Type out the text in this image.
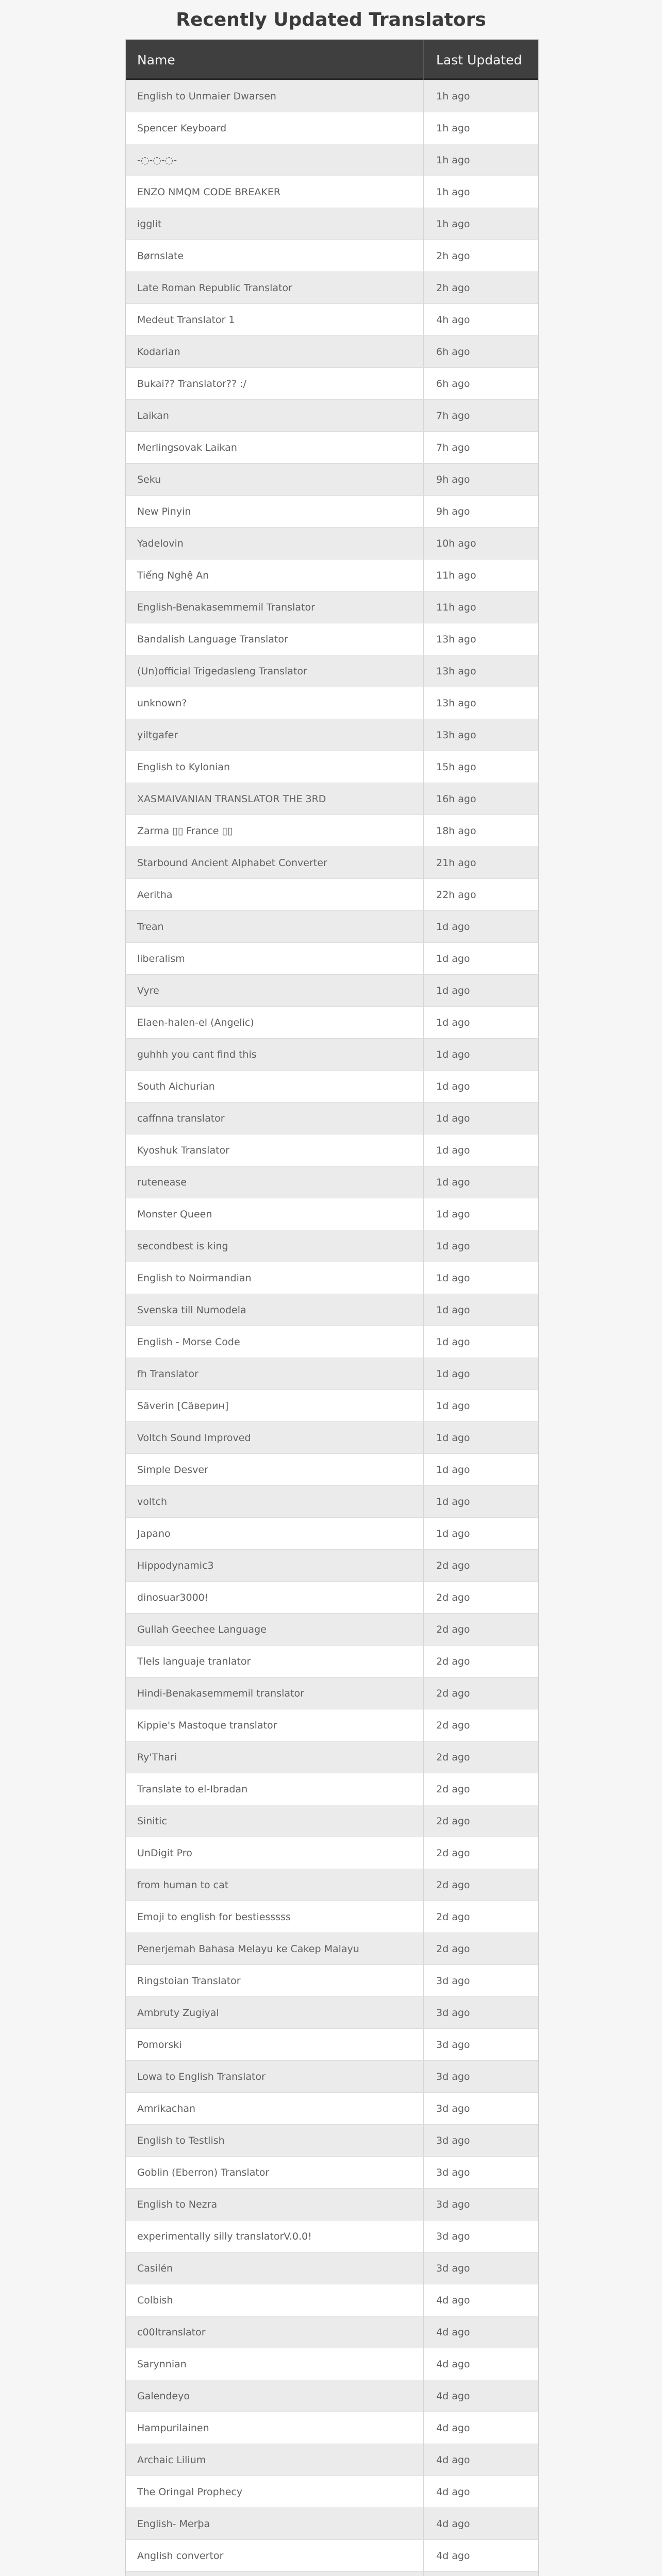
Recently Updated Translators
Name	Last Updated
English to Unmaier Dwarsen	1h ago
Spencer Keyboard	1h ago
-◌-◌-◌-	1h ago
ENZO NMQM CODE BREAKER	1h ago
igglit	1h ago
Børnslate	2h ago
Late Roman Republic Translator	2h ago
Medeut Translator 1	4h ago
Kodarian	6h ago
Bukai?? Translator?? :/	6h ago
Laikan	7h ago
Merlingsovak Laikan	7h ago
Seku	9h ago
New Pinyin	9h ago
Yadelovin	10h ago
Tiếng Nghệ An	11h ago
English-Benakasemmemil Translator	11h ago
Bandalish Language Translator	13h ago
(Un)official Trigedasleng Translator	13h ago
unknown?	13h ago
yiltgafer	13h ago
English to Kylonian	15h ago
XASMAIVANIAN TRANSLATOR THE 3RD	16h ago
Zarma ▯▯ France ▯▯	18h ago
Starbound Ancient Alphabet Converter	21h ago
Aeritha	22h ago
Trean	1d ago
liberalism	1d ago
Vyre	1d ago
Elaen-halen-el (Angelic)	1d ago
guhhh you cant find this	1d ago
South Aichurian	1d ago
caffnna translator	1d ago
Kyoshuk Translator	1d ago
rutenease	1d ago
Monster Queen	1d ago
secondbest is king	1d ago
English to Noirmandian	1d ago
Svenska till Numodela	1d ago
English - Morse Code	1d ago
fh Translator	1d ago
Säverin [Сäверин]	1d ago
Voltch Sound Improved	1d ago
Simple Desver	1d ago
voltch	1d ago
Japano	1d ago
Hippodynamic3	2d ago
dinosuar3000!	2d ago
Gullah Geechee Language	2d ago
Tlels languaje tranlator	2d ago
Hindi-Benakasemmemil translator	2d ago
Kippie's Mastoque translator	2d ago
Ry'Thari	2d ago
Translate to el-Ibradan	2d ago
Sinitic	2d ago
UnDigit Pro	2d ago
from human to cat	2d ago
Emoji to english for bestiesssss	2d ago
Penerjemah Bahasa Melayu ke Cakep Malayu	2d ago
Ringstoian Translator	3d ago
Ambruty Zugiyal	3d ago
Pomorski	3d ago
Lowa to English Translator	3d ago
Amrikachan	3d ago
English to Testlish	3d ago
Goblin (Eberron) Translator	3d ago
English to Nezra	3d ago
experimentally silly translatorV.0.0!	3d ago
Casilén	3d ago
Colbish	4d ago
c00ltranslator	4d ago
Sarynnian	4d ago
Galendeyo	4d ago
Hampurilainen	4d ago
Archaic Lilium	4d ago
The Oringal Prophecy	4d ago
English- Merþa	4d ago
Anglish convertor	4d ago
